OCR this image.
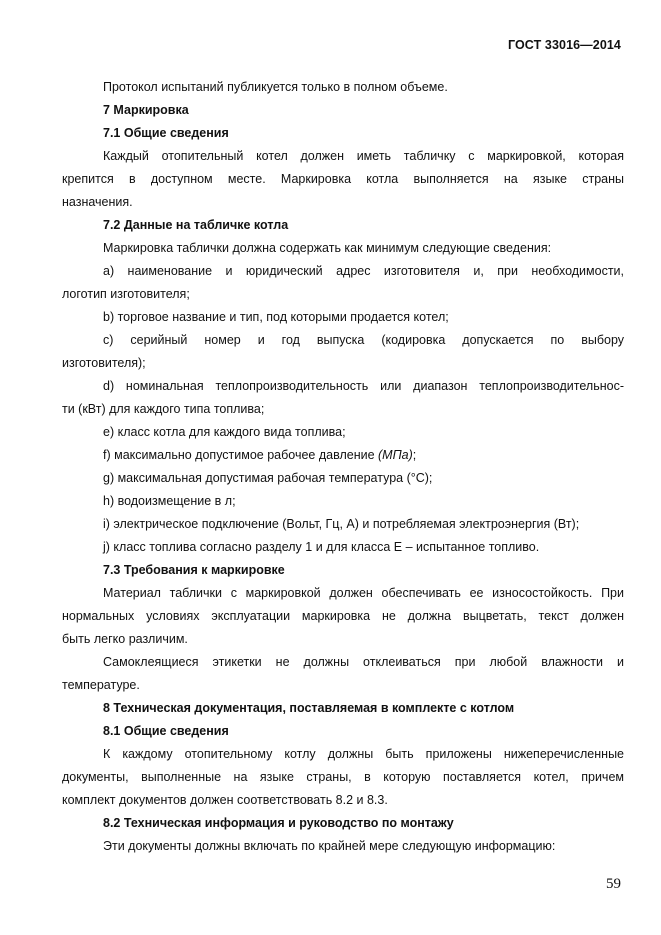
ГОСТ 33016—2014
Протокол испытаний публикуется только в полном объеме.
7 Маркировка
7.1 Общие сведения
Каждый отопительный котел должен иметь табличку с маркировкой, которая
крепится в доступном месте. Маркировка котла выполняется на языке страны
назначения.
7.2 Данные на табличке котла
Маркировка таблички должна содержать как минимум следующие сведения:
а) наименование и юридический адрес изготовителя и, при необходимости,
логотип изготовителя;
b) торговое название и тип, под которыми продается котел;
c) серийный номер и год выпуска (кодировка допускается по выбору
изготовителя);
d) номинальная теплопроизводительность или диапазон теплопроизводительнос-
ти (кВт) для каждого типа топлива;
e) класс котла для каждого вида топлива;
f) максимально допустимое рабочее давление (МПа);
g) максимальная допустимая рабочая температура (°С);
h) водоизмещение в л;
i) электрическое подключение (Вольт, Гц, А) и потребляемая электроэнергия (Вт);
j) класс топлива согласно разделу 1 и для класса Е – испытанное топливо.
7.3 Требования к маркировке
Материал таблички с маркировкой должен обеспечивать ее износостойкость. При
нормальных условиях эксплуатации маркировка не должна выцветать, текст должен
быть легко различим.
Самоклеящиеся этикетки не должны отклеиваться при любой влажности и
температуре.
8 Техническая документация, поставляемая в комплекте с котлом
8.1 Общие сведения
К каждому отопительному котлу должны быть приложены нижеперечисленные
документы, выполненные на языке страны, в которую поставляется котел, причем
комплект документов должен соответствовать 8.2 и 8.3.
8.2 Техническая информация и руководство по монтажу
Эти документы должны включать по крайней мере следующую информацию:
59
